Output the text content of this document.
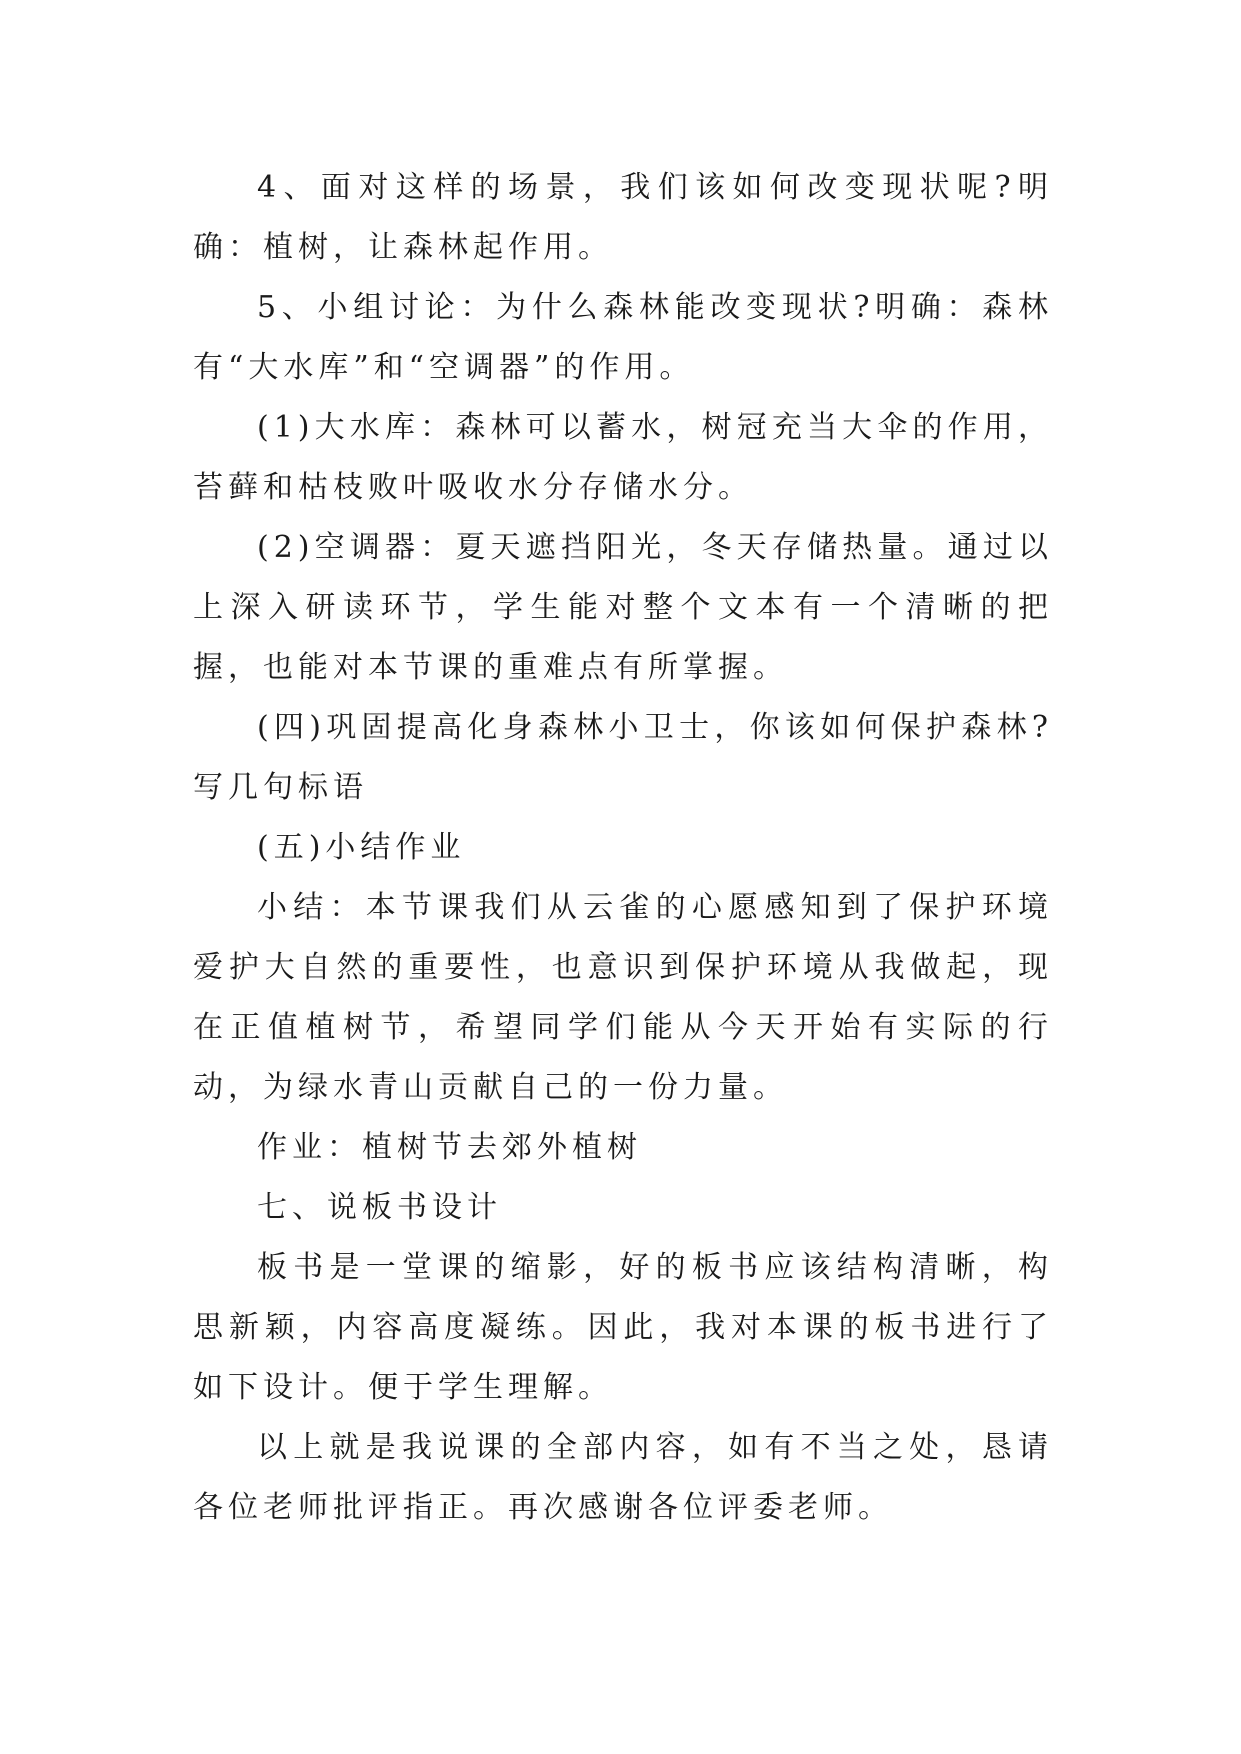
4、面对这样的场景，我们该如何改变现状呢?明确：植树，让森林起作用。

5、小组讨论：为什么森林能改变现状?明确：森林有“大水库”和“空调器”的作用。

(1)大水库：森林可以蓄水，树冠充当大伞的作用，苔藓和枯枝败叶吸收水分存储水分。

(2)空调器：夏天遮挡阳光，冬天存储热量。通过以上深入研读环节，学生能对整个文本有一个清晰的把握，也能对本节课的重难点有所掌握。

(四)巩固提高化身森林小卫士，你该如何保护森林?写几句标语

(五)小结作业

小结：本节课我们从云雀的心愿感知到了保护环境爱护大自然的重要性，也意识到保护环境从我做起，现在正值植树节，希望同学们能从今天开始有实际的行动，为绿水青山贡献自己的一份力量。

作业：植树节去郊外植树

七、说板书设计

板书是一堂课的缩影，好的板书应该结构清晰，构思新颖，内容高度凝练。因此，我对本课的板书进行了如下设计。便于学生理解。

以上就是我说课的全部内容，如有不当之处，恳请各位老师批评指正。再次感谢各位评委老师。
